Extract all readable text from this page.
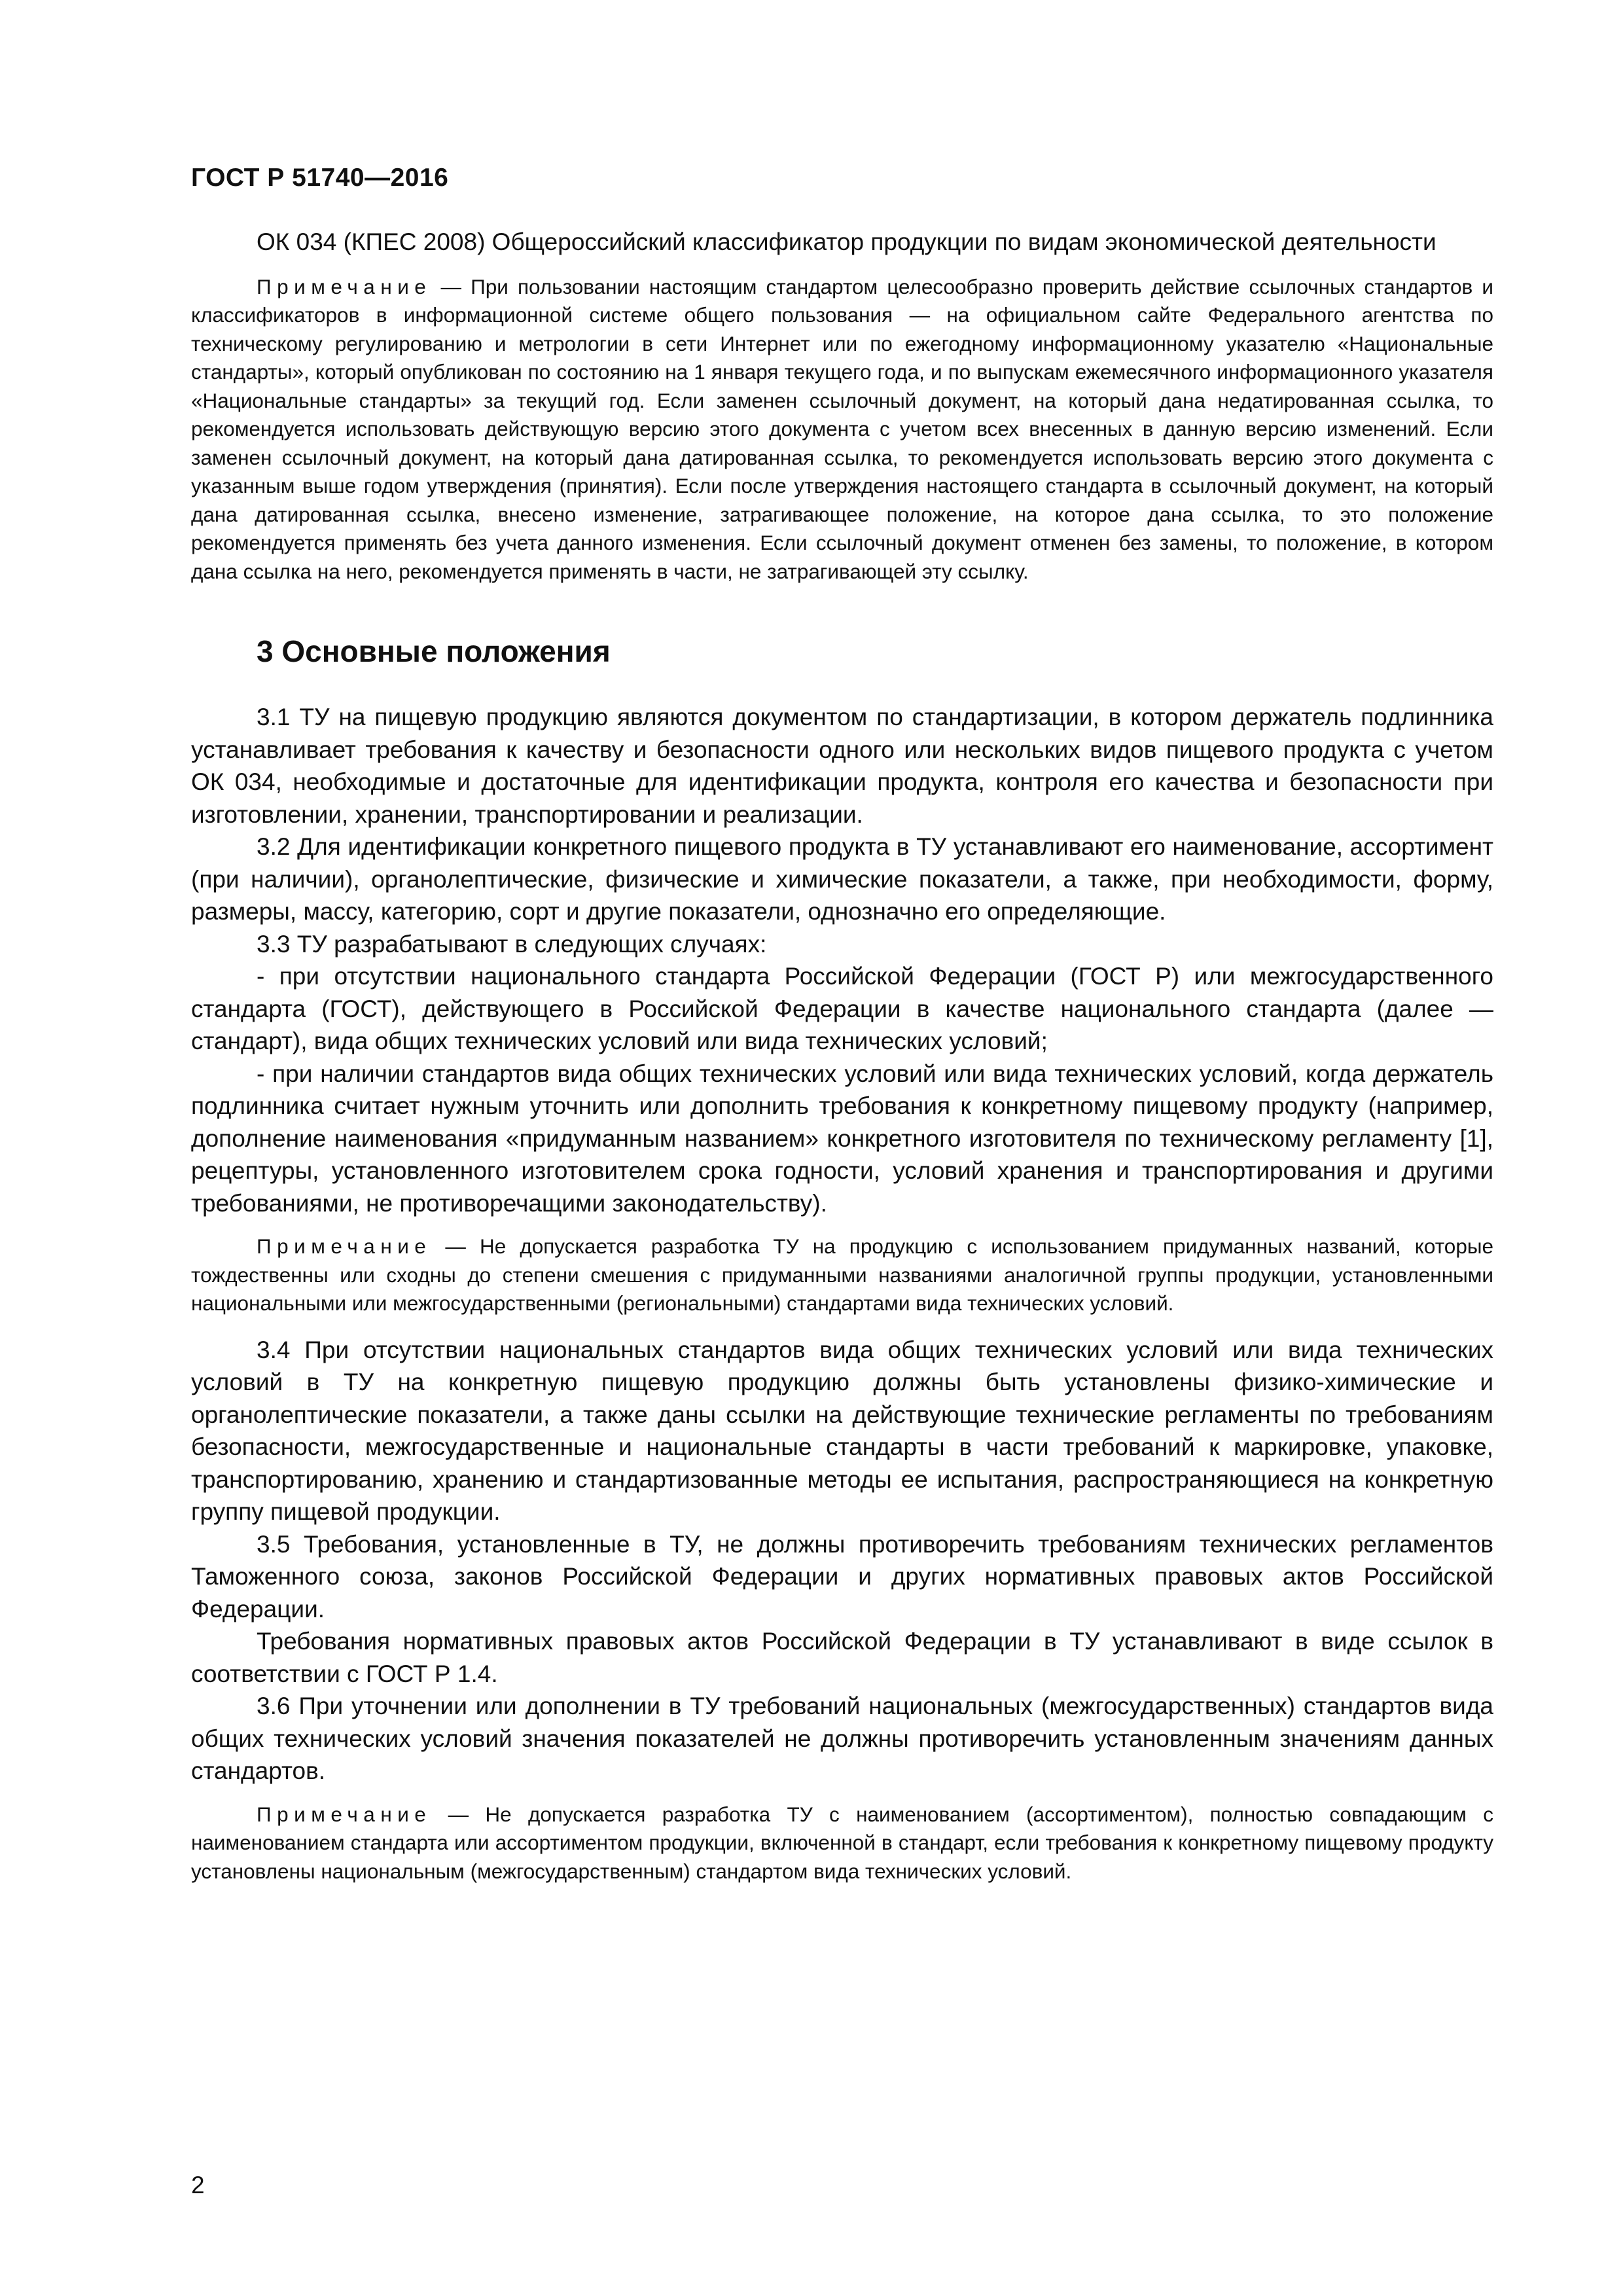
ГОСТ Р 51740—2016

ОК 034 (КПЕС 2008) Общероссийский классификатор продукции по видам экономической деятельности

Примечание — При пользовании настоящим стандартом целесообразно проверить действие ссылочных стандартов и классификаторов в информационной системе общего пользования — на официальном сайте Федерального агентства по техническому регулированию и метрологии в сети Интернет или по ежегодному информационному указателю «Национальные стандарты», который опубликован по состоянию на 1 января текущего года, и по выпускам ежемесячного информационного указателя «Национальные стандарты» за текущий год. Если заменен ссылочный документ, на который дана недатированная ссылка, то рекомендуется использовать действующую версию этого документа с учетом всех внесенных в данную версию изменений. Если заменен ссылочный документ, на который дана датированная ссылка, то рекомендуется использовать версию этого документа с указанным выше годом утверждения (принятия). Если после утверждения настоящего стандарта в ссылочный документ, на который дана датированная ссылка, внесено изменение, затрагивающее положение, на которое дана ссылка, то это положение рекомендуется применять без учета данного изменения. Если ссылочный документ отменен без замены, то положение, в котором дана ссылка на него, рекомендуется применять в части, не затрагивающей эту ссылку.

3 Основные положения

3.1 ТУ на пищевую продукцию являются документом по стандартизации, в котором держатель подлинника устанавливает требования к качеству и безопасности одного или нескольких видов пищевого продукта с учетом ОК 034, необходимые и достаточные для идентификации продукта, контроля его качества и безопасности при изготовлении, хранении, транспортировании и реализации.

3.2 Для идентификации конкретного пищевого продукта в ТУ устанавливают его наименование, ассортимент (при наличии), органолептические, физические и химические показатели, а также, при необходимости, форму, размеры, массу, категорию, сорт и другие показатели, однозначно его определяющие.

3.3 ТУ разрабатывают в следующих случаях:

- при отсутствии национального стандарта Российской Федерации (ГОСТ Р) или межгосударственного стандарта (ГОСТ), действующего в Российской Федерации в качестве национального стандарта (далее — стандарт), вида общих технических условий или вида технических условий;

- при наличии стандартов вида общих технических условий или вида технических условий, когда держатель подлинника считает нужным уточнить или дополнить требования к конкретному пищевому продукту (например, дополнение наименования «придуманным названием» конкретного изготовителя по техническому регламенту [1], рецептуры, установленного изготовителем срока годности, условий хранения и транспортирования и другими требованиями, не противоречащими законодательству).

Примечание — Не допускается разработка ТУ на продукцию с использованием придуманных названий, которые тождественны или сходны до степени смешения с придуманными названиями аналогичной группы продукции, установленными национальными или межгосударственными (региональными) стандартами вида технических условий.

3.4 При отсутствии национальных стандартов вида общих технических условий или вида технических условий в ТУ на конкретную пищевую продукцию должны быть установлены физико-химические и органолептические показатели, а также даны ссылки на действующие технические регламенты по требованиям безопасности, межгосударственные и национальные стандарты в части требований к маркировке, упаковке, транспортированию, хранению и стандартизованные методы ее испытания, распространяющиеся на конкретную группу пищевой продукции.

3.5 Требования, установленные в ТУ, не должны противоречить требованиям технических регламентов Таможенного союза, законов Российской Федерации и других нормативных правовых актов Российской Федерации.

Требования нормативных правовых актов Российской Федерации в ТУ устанавливают в виде ссылок в соответствии с ГОСТ Р 1.4.

3.6 При уточнении или дополнении в ТУ требований национальных (межгосударственных) стандартов вида общих технических условий значения показателей не должны противоречить установленным значениям данных стандартов.

Примечание — Не допускается разработка ТУ с наименованием (ассортиментом), полностью совпадающим с наименованием стандарта или ассортиментом продукции, включенной в стандарт, если требования к конкретному пищевому продукту установлены национальным (межгосударственным) стандартом вида технических условий.

2
